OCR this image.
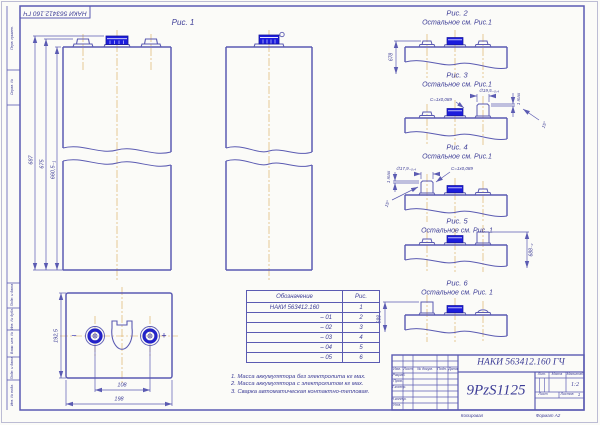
НАКИ 563412.160 ГЧ
Перв. примен.
Справ. №
Подп. и дата
Инв. № дубл.
Взам. инв. №
Подп. и дата
Инв. № подл.
Рис. 1
687 675 660,5₋₁
192,5
108
198
−	+
Рис. 2
Остальное см. Рис.1
678
Рис. 3
Остальное см. Рис.1
С=1х0,089
∅19,5₋₀,₄
1 max
15°
Рис. 4
Остальное см. Рис.1
∅17,9₋₀,₄	С=1х0,089
1 max
15°
Рис. 5
Остальное см. Рис. 1
688₋₂
Рис. 6
Остальное см. Рис. 1
688₋₂
Обозначение	Рис.
НАКИ 563412.160	1
– 01	2
– 02	3
– 03	4
– 04	5
– 05	6
1. Масса аккумулятора без электролита кг мах.
2. Масса аккумулятора с электролитом кг мах.
3. Сварка автоматическая контактно-тепловая.
НАКИ 563412.160 ГЧ
9PzS1125
Изм. Лист № докум. Подп. Дата
Разраб.
Пров.
Т.контр.
Н.контр.
Утв.
Лит. Масса Масштаб
1:2
Лист	Листов 1
Копировал	Формат А2
